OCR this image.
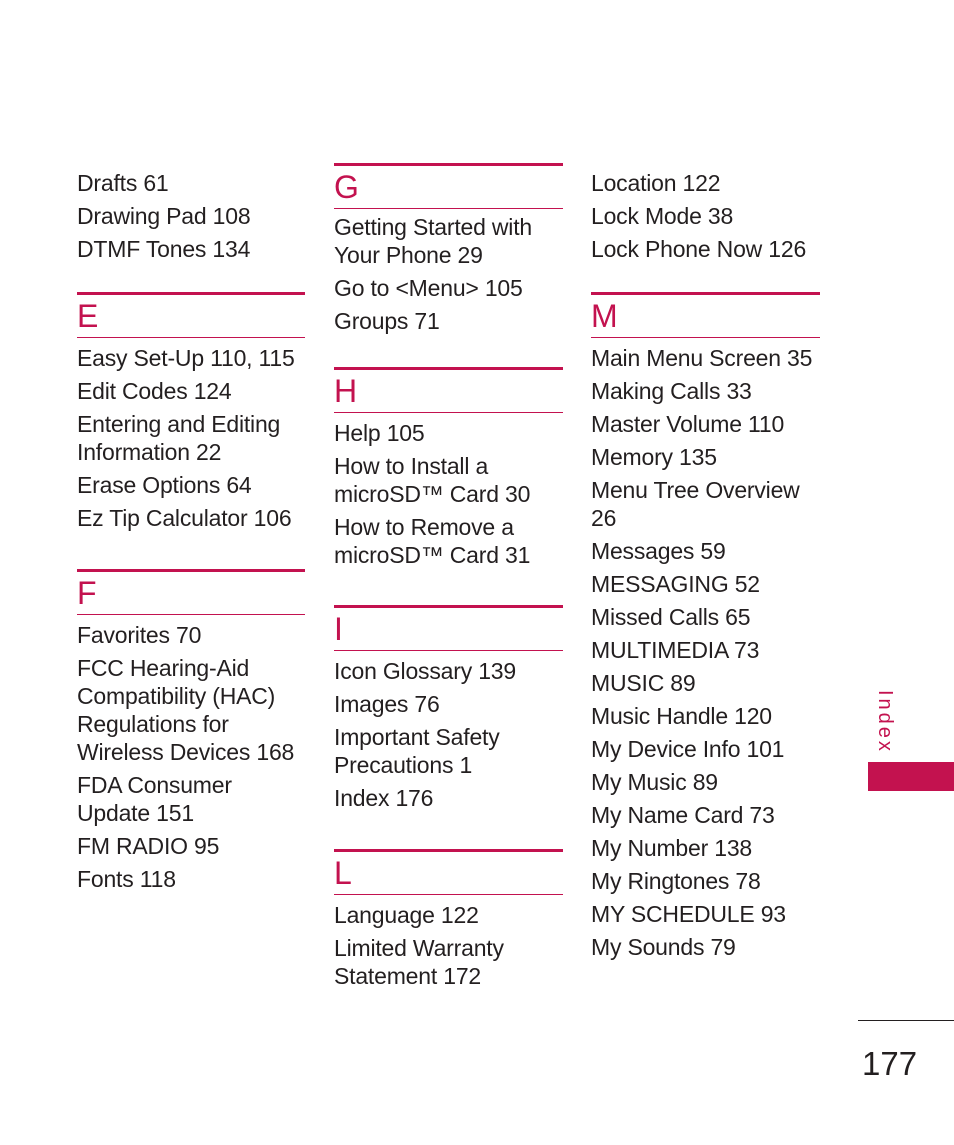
Drafts 61

Drawing Pad 108

DTMF Tones 134

E

Easy Set-Up 110, 115

Edit Codes 124

Entering and Editing Information 22

Erase Options 64

Ez Tip Calculator 106

F

Favorites 70

FCC Hearing-Aid Compatibility (HAC) Regulations for Wireless Devices 168

FDA Consumer Update 151

FM RADIO 95

Fonts 118

G

Getting Started with Your Phone 29

Go to <Menu> 105

Groups 71

H

Help 105

How to Install a microSD™ Card 30

How to Remove a microSD™ Card 31

I

Icon Glossary 139

Images 76

Important Safety Precautions 1

Index 176

L

Language 122

Limited Warranty Statement 172

Location 122

Lock Mode 38

Lock Phone Now 126

M

Main Menu Screen 35

Making Calls 33

Master Volume 110

Memory 135

Menu Tree Overview 26

Messages 59

MESSAGING 52

Missed Calls 65

MULTIMEDIA 73

MUSIC 89

Music Handle 120

My Device Info 101

My Music 89

My Name Card 73

My Number 138

My Ringtones 78

MY SCHEDULE 93

My Sounds 79

Index
177
